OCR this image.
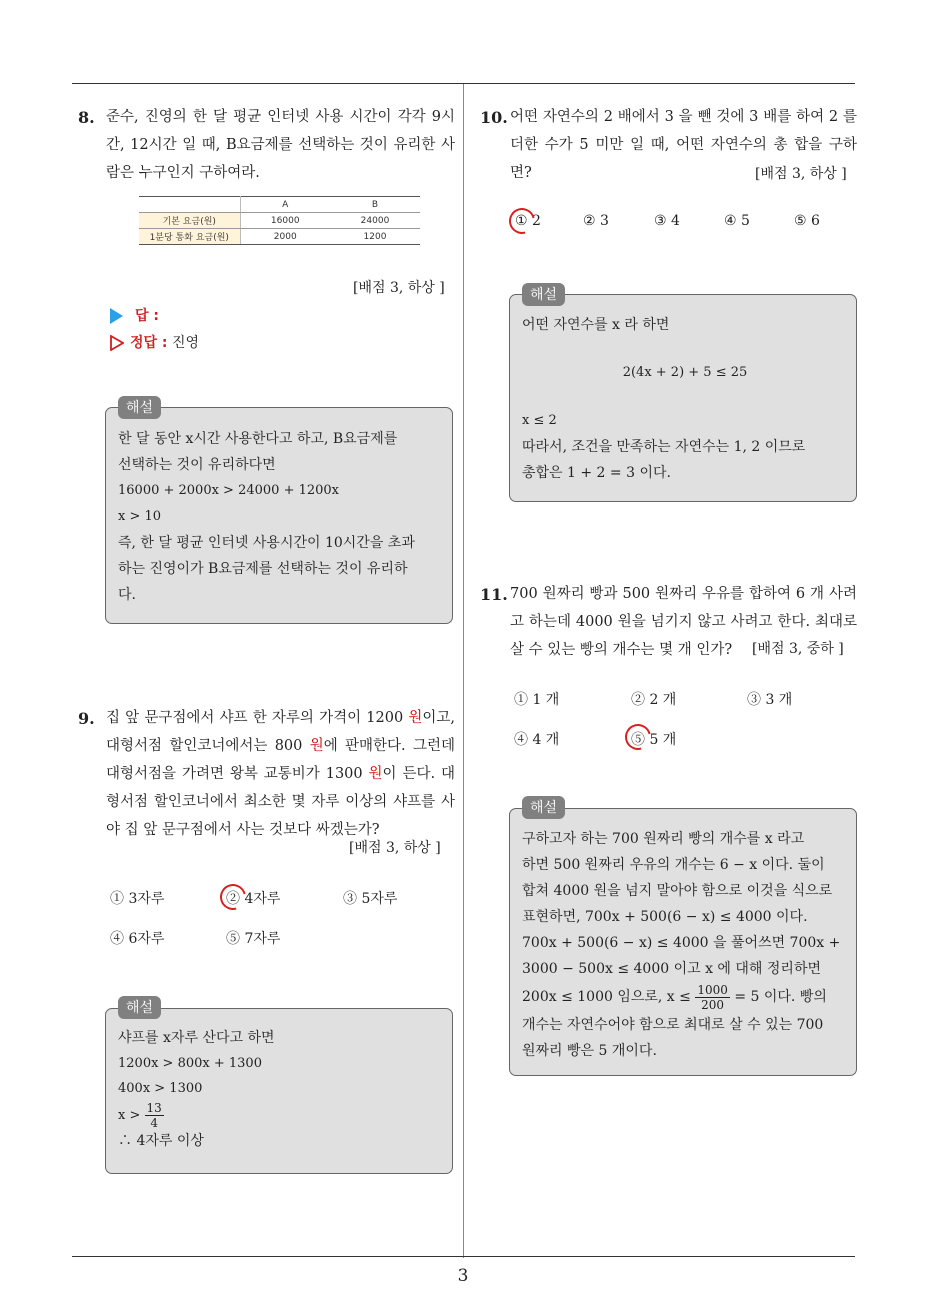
3
8. 준수, 진영의 한 달 평균 인터넷 사용 시간이 각각 9시간, 12시간 일 때, B요금제를 선택하는 것이 유리한 사람은 누구인지 구하여라.
	A	B
기본 요금(원)	16000	24000
1분당 통화 요금(원)	2000	1200
[배점 3, 하상 ]
답 :
정답 : 진영
해설
한 달 동안 x시간 사용한다고 하고, B요금제를
선택하는 것이 유리하다면
16000 + 2000x > 24000 + 1200x
x > 10
즉, 한 달 평균 인터넷 사용시간이 10시간을 초과
하는 진영이가 B요금제를 선택하는 것이 유리하
다.
9. 집 앞 문구점에서 샤프 한 자루의 가격이 1200 원이고, 대형서점 할인코너에서는 800 원에 판매한다. 그런데 대형서점을 가려면 왕복 교통비가 1300 원이 든다. 대형서점 할인코너에서 최소한 몇 자루 이상의 샤프를 사야 집 앞 문구점에서 사는 것보다 싸겠는가?
[배점 3, 하상 ]
① 3자루	② 4자루	③ 5자루
④ 6자루	⑤ 7자루
해설
샤프를 x자루 산다고 하면
1200x > 800x + 1300
400x > 1300
$x > \frac{13}{4}$
∴ 4자루 이상
10. 어떤 자연수의 2 배에서 3 을 뺀 것에 3 배를 하여 2 를 더한 수가 5 미만 일 때, 어떤 자연수의 총 합을 구하면?	[배점 3, 하상 ]
① 2	② 3	③ 4	④ 5	⑤ 6
해설
어떤 자연수를 x 라 하면
2(4x + 2) + 5 ≤ 25
x ≤ 2
따라서, 조건을 만족하는 자연수는 1, 2 이므로
총합은 1 + 2 = 3 이다.
11. 700 원짜리 빵과 500 원짜리 우유를 합하여 6 개 사려고 하는데 4000 원을 넘기지 않고 사려고 한다. 최대로 살 수 있는 빵의 개수는 몇 개 인가?	[배점 3, 중하 ]
① 1 개	② 2 개	③ 3 개
④ 4 개	⑤ 5 개
해설
구하고자 하는 700 원짜리 빵의 개수를 x 라고
하면 500 원짜리 우유의 개수는 6 − x 이다. 둘이
합쳐 4000 원을 넘지 말아야 함으로 이것을 식으로
표현하면, 700x + 500(6 − x) ≤ 4000 이다.
700x + 500(6 − x) ≤ 4000 을 풀어쓰면 700x +
3000 − 500x ≤ 4000 이고 x 에 대해 정리하면
200x ≤ 1000 임으로, $x \le \frac{1000}{200} = 5$ 이다. 빵의
개수는 자연수어야 함으로 최대로 살 수 있는 700
원짜리 빵은 5 개이다.
